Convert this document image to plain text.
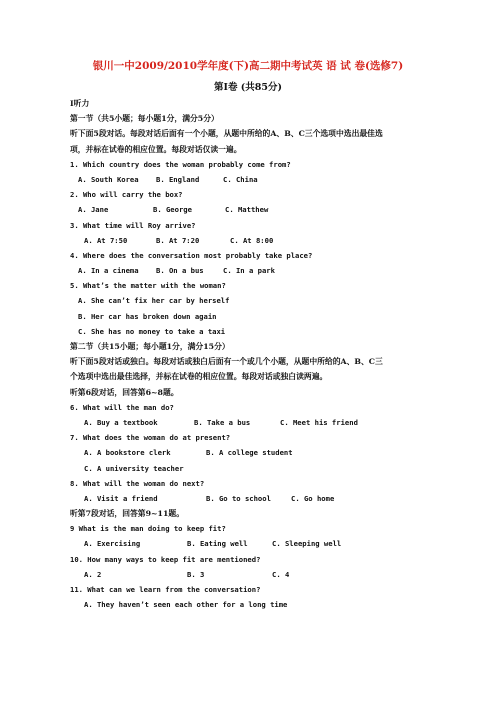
银川一中2009/2010学年度(下)高二期中考试英 语 试 卷(选修7)
第Ⅰ卷 (共85分)
Ⅰ听力
第一节（共5小题；每小题1分，满分5分）
听下面5段对话。每段对话后面有一个小题，从题中所给的A、B、C三个选项中选出最佳选
项，并标在试卷的相应位置。每段对话仅读一遍。
1. Which country does the woman probably come from?
A. South Korea	B. England	C. China
2. Who will carry the box?
A. Jane	B. George	C. Matthew
3. What time will Roy arrive?
A. At 7:50	B. At 7:20	C. At 8:00
4. Where does the conversation most probably take place?
A. In a cinema	B. On a bus	C. In a park
5. What’s the matter with the woman?
A. She can’t fix her car by herself
B. Her car has broken down again
C. She has no money to take a taxi
第二节（共15小题；每小题1分，满分15分）
听下面5段对话或独白。每段对话或独白后面有一个或几个小题，从题中所给的A、B、C三
个选项中选出最佳选择，并标在试卷的相应位置。每段对话或独白读两遍。
听第6段对话，回答第6~8题。
6. What will the man do?
A. Buy a textbook	B. Take a bus	C. Meet his friend
7. What does the woman do at present?
A. A bookstore clerk	B. A college student
C. A university teacher
8. What will the woman do next?
A. Visit a friend	B. Go to school	C. Go home
听第7段对话，回答第9~11题。
9 What is the man doing to keep fit?
A. Exercising	B. Eating well	C. Sleeping well
10. How many ways to keep fit are mentioned?
A. 2	B. 3	C. 4
11. What can we learn from the conversation?
A. They haven’t seen each other for a long time
